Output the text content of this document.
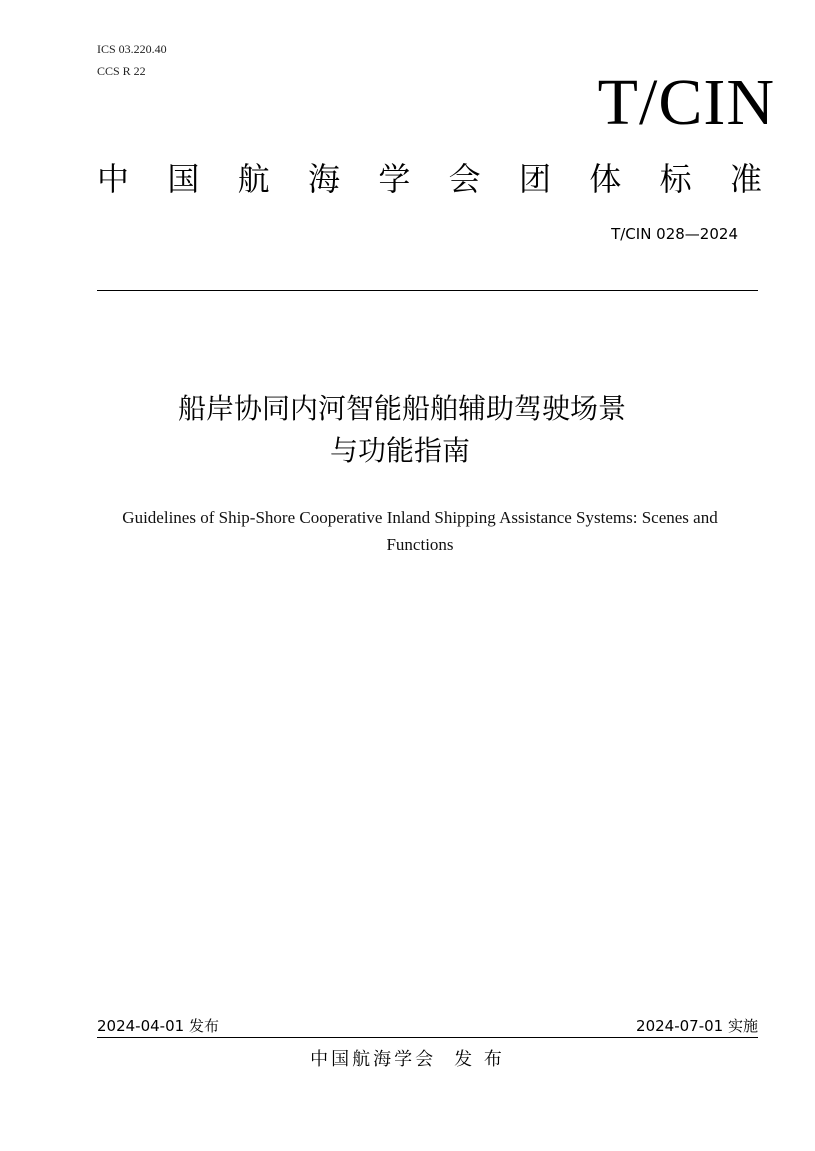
ICS 03.220.40
CCS R 22	T/CIN
中 国 航 海 学 会 团 体 标 准
T/CIN 028—2024
船岸协同内河智能船舶辅助驾驶场景
与功能指南
Guidelines of Ship-Shore Cooperative Inland Shipping Assistance Systems: Scenes and Functions
2024-04-01 发布	2024-07-01 实施
中国航海学会 发 布
